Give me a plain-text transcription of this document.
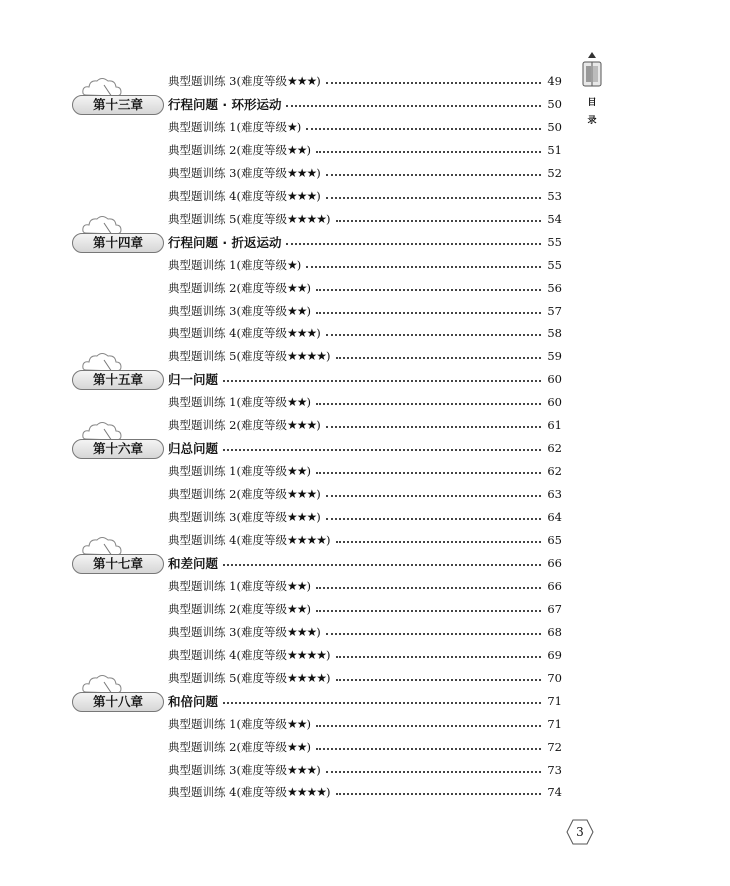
目录
典型题训练 3(难度等级★★★)	49
第十三章	行程问题 · 环形运动	50
典型题训练 1(难度等级★)	50
典型题训练 2(难度等级★★)	51
典型题训练 3(难度等级★★★)	52
典型题训练 4(难度等级★★★)	53
典型题训练 5(难度等级★★★★)	54
第十四章	行程问题 · 折返运动	55
典型题训练 1(难度等级★)	55
典型题训练 2(难度等级★★)	56
典型题训练 3(难度等级★★)	57
典型题训练 4(难度等级★★★)	58
典型题训练 5(难度等级★★★★)	59
第十五章	归一问题	60
典型题训练 1(难度等级★★)	60
典型题训练 2(难度等级★★★)	61
第十六章	归总问题	62
典型题训练 1(难度等级★★)	62
典型题训练 2(难度等级★★★)	63
典型题训练 3(难度等级★★★)	64
典型题训练 4(难度等级★★★★)	65
第十七章	和差问题	66
典型题训练 1(难度等级★★)	66
典型题训练 2(难度等级★★)	67
典型题训练 3(难度等级★★★)	68
典型题训练 4(难度等级★★★★)	69
典型题训练 5(难度等级★★★★)	70
第十八章	和倍问题	71
典型题训练 1(难度等级★★)	71
典型题训练 2(难度等级★★)	72
典型题训练 3(难度等级★★★)	73
典型题训练 4(难度等级★★★★)	74
3
